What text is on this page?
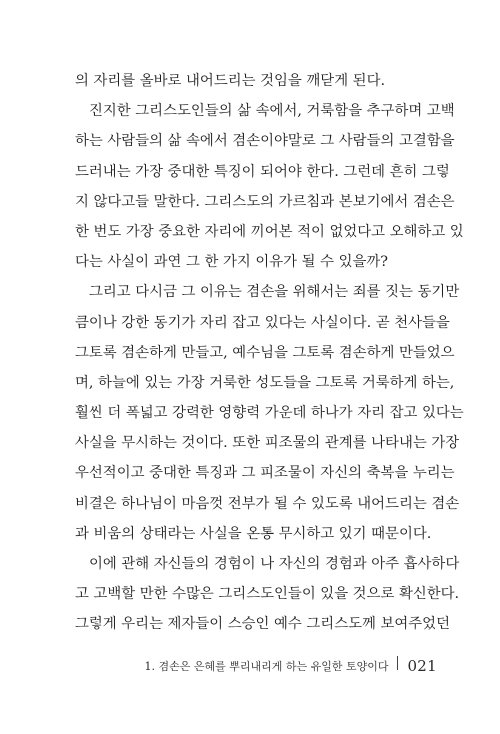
의 자리를 올바로 내어드리는 것임을 깨닫게 된다.
진지한 그리스도인들의 삶 속에서, 거룩함을 추구하며 고백
하는 사람들의 삶 속에서 겸손이야말로 그 사람들의 고결함을
드러내는 가장 중대한 특징이 되어야 한다. 그런데 흔히 그렇
지 않다고들 말한다. 그리스도의 가르침과 본보기에서 겸손은
한 번도 가장 중요한 자리에 끼어본 적이 없었다고 오해하고 있
다는 사실이 과연 그 한 가지 이유가 될 수 있을까?
그리고 다시금 그 이유는 겸손을 위해서는 죄를 짓는 동기만
큼이나 강한 동기가 자리 잡고 있다는 사실이다. 곧 천사들을
그토록 겸손하게 만들고, 예수님을 그토록 겸손하게 만들었으
며, 하늘에 있는 가장 거룩한 성도들을 그토록 거룩하게 하는,
훨씬 더 폭넓고 강력한 영향력 가운데 하나가 자리 잡고 있다는
사실을 무시하는 것이다. 또한 피조물의 관계를 나타내는 가장
우선적이고 중대한 특징과 그 피조물이 자신의 축복을 누리는
비결은 하나님이 마음껏 전부가 될 수 있도록 내어드리는 겸손
과 비움의 상태라는 사실을 온통 무시하고 있기 때문이다.
이에 관해 자신들의 경험이 나 자신의 경험과 아주 흡사하다
고 고백할 만한 수많은 그리스도인들이 있을 것으로 확신한다.
그렇게 우리는 제자들이 스승인 예수 그리스도께 보여주었던
1. 겸손은 은혜를 뿌리내리게 하는 유일한 토양이다 021
